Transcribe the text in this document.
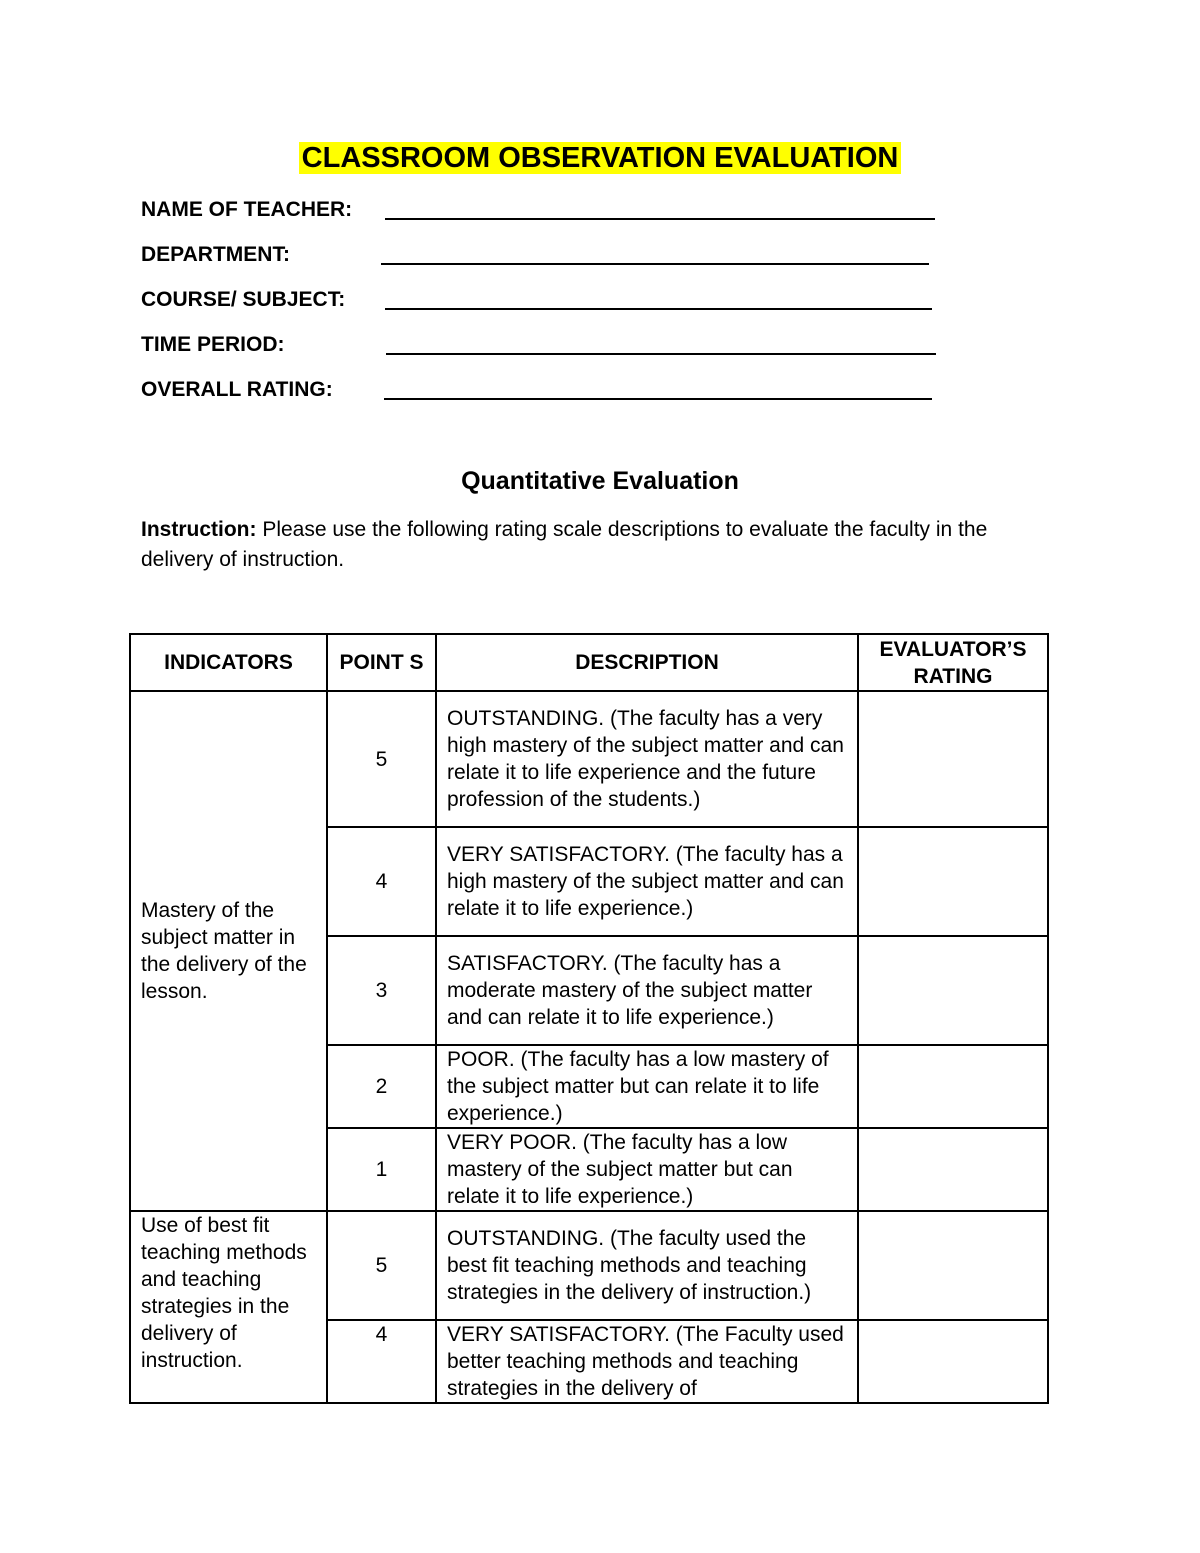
CLASSROOM OBSERVATION EVALUATION
NAME OF TEACHER:
DEPARTMENT:
COURSE/ SUBJECT:
TIME PERIOD:
OVERALL RATING:
Quantitative Evaluation
Instruction: Please use the following rating scale descriptions to evaluate the faculty in the delivery of instruction.
INDICATORS	POINT S	DESCRIPTION	EVALUATOR’S RATING
Mastery of the subject matter in the delivery of the lesson.	5	OUTSTANDING. (The faculty has a very high mastery of the subject matter and can relate it to life experience and the future profession of the students.)	
	4	VERY SATISFACTORY. (The faculty has a high mastery of the subject matter and can relate it to life experience.)	
	3	SATISFACTORY. (The faculty has a moderate mastery of the subject matter and can relate it to life experience.)	
	2	POOR. (The faculty has a low mastery of the subject matter but can relate it to life experience.)	
	1	VERY POOR. (The faculty has a low mastery of the subject matter but can relate it to life experience.)	
Use of best fit teaching methods and teaching strategies in the delivery of instruction.	5	OUTSTANDING. (The faculty used the best fit teaching methods and teaching strategies in the delivery of instruction.)	
	4	VERY SATISFACTORY. (The Faculty used better teaching methods and teaching strategies in the delivery of	
